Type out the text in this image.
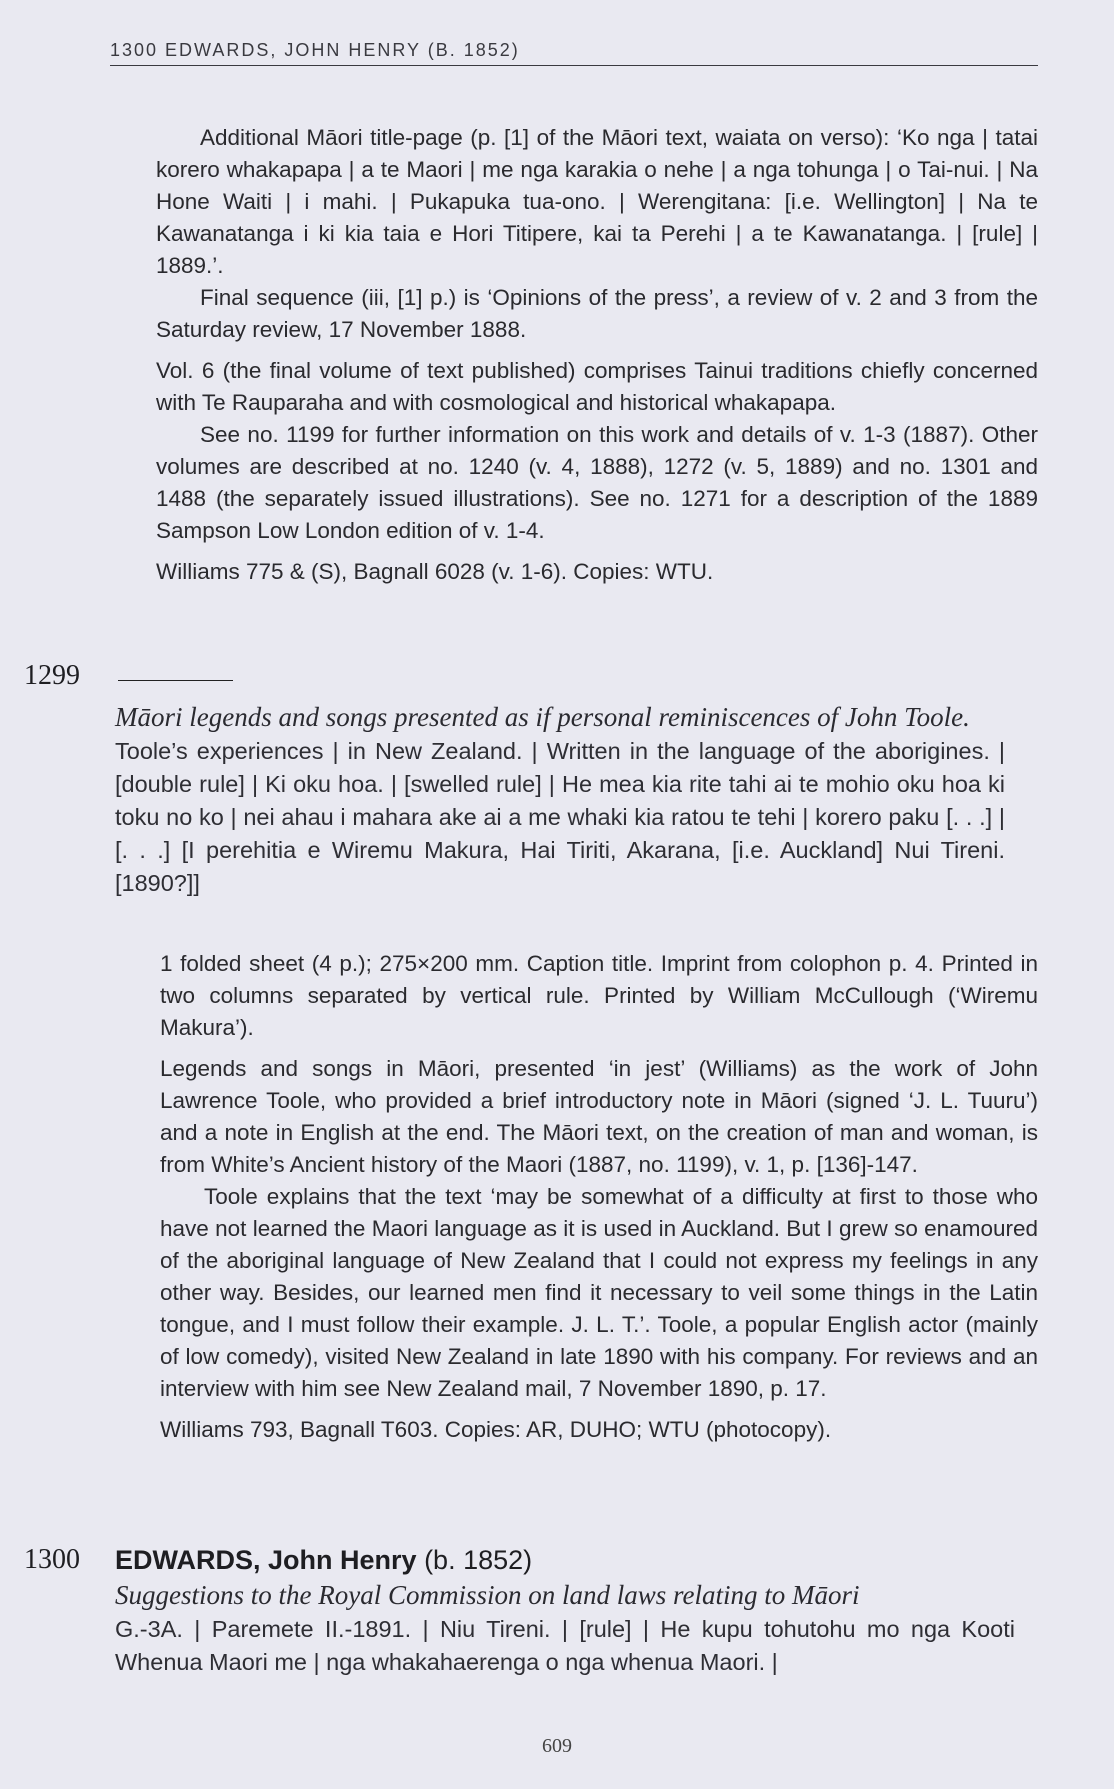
1300 EDWARDS, JOHN HENRY (B. 1852)

Additional Māori title-page (p. [1] of the Māori text, waiata on verso): ‘Ko nga | tatai korero whakapapa | a te Maori | me nga karakia o nehe | a nga tohunga | o Tai-nui. | Na Hone Waiti | i mahi. | Pukapuka tua-ono. | Werengitana: [i.e. Wellington] | Na te Kawanatanga i ki kia taia e Hori Titipere, kai ta Perehi | a te Kawanatanga. | [rule] | 1889.’.

Final sequence (iii, [1] p.) is ‘Opinions of the press’, a review of v. 2 and 3 from the Saturday review, 17 November 1888.

Vol. 6 (the final volume of text published) comprises Tainui traditions chiefly concerned with Te Rauparaha and with cosmological and historical whakapapa.

See no. 1199 for further information on this work and details of v. 1-3 (1887). Other volumes are described at no. 1240 (v. 4, 1888), 1272 (v. 5, 1889) and no. 1301 and 1488 (the separately issued illustrations). See no. 1271 for a description of the 1889 Sampson Low London edition of v. 1-4.

Williams 775 & (S), Bagnall 6028 (v. 1-6). Copies: WTU.

1299

Māori legends and songs presented as if personal reminiscences of John Toole.

Toole’s experiences | in New Zealand. | Written in the language of the aborigines. | [double rule] | Ki oku hoa. | [swelled rule] | He mea kia rite tahi ai te mohio oku hoa ki toku no ko | nei ahau i mahara ake ai a me whaki kia ratou te tehi | korero paku [. . .] | [. . .] [I perehitia e Wiremu Makura, Hai Tiriti, Akarana, [i.e. Auckland] Nui Tireni. [1890?]]

1 folded sheet (4 p.); 275×200 mm. Caption title. Imprint from colophon p. 4. Printed in two columns separated by vertical rule. Printed by William McCullough (‘Wiremu Makura’).

Legends and songs in Māori, presented ‘in jest’ (Williams) as the work of John Lawrence Toole, who provided a brief introductory note in Māori (signed ‘J. L. Tuuru’) and a note in English at the end. The Māori text, on the creation of man and woman, is from White’s Ancient history of the Maori (1887, no. 1199), v. 1, p. [136]-147.

Toole explains that the text ‘may be somewhat of a difficulty at first to those who have not learned the Maori language as it is used in Auckland. But I grew so enamoured of the aboriginal language of New Zealand that I could not express my feelings in any other way. Besides, our learned men find it necessary to veil some things in the Latin tongue, and I must follow their example. J. L. T.’. Toole, a popular English actor (mainly of low comedy), visited New Zealand in late 1890 with his company. For reviews and an interview with him see New Zealand mail, 7 November 1890, p. 17.

Williams 793, Bagnall T603. Copies: AR, DUHO; WTU (photocopy).

1300 EDWARDS, John Henry (b. 1852)

Suggestions to the Royal Commission on land laws relating to Māori

G.-3A. | Paremete II.-1891. | Niu Tireni. | [rule] | He kupu tohutohu mo nga Kooti Whenua Maori me | nga whakahaerenga o nga whenua Maori. |

609
